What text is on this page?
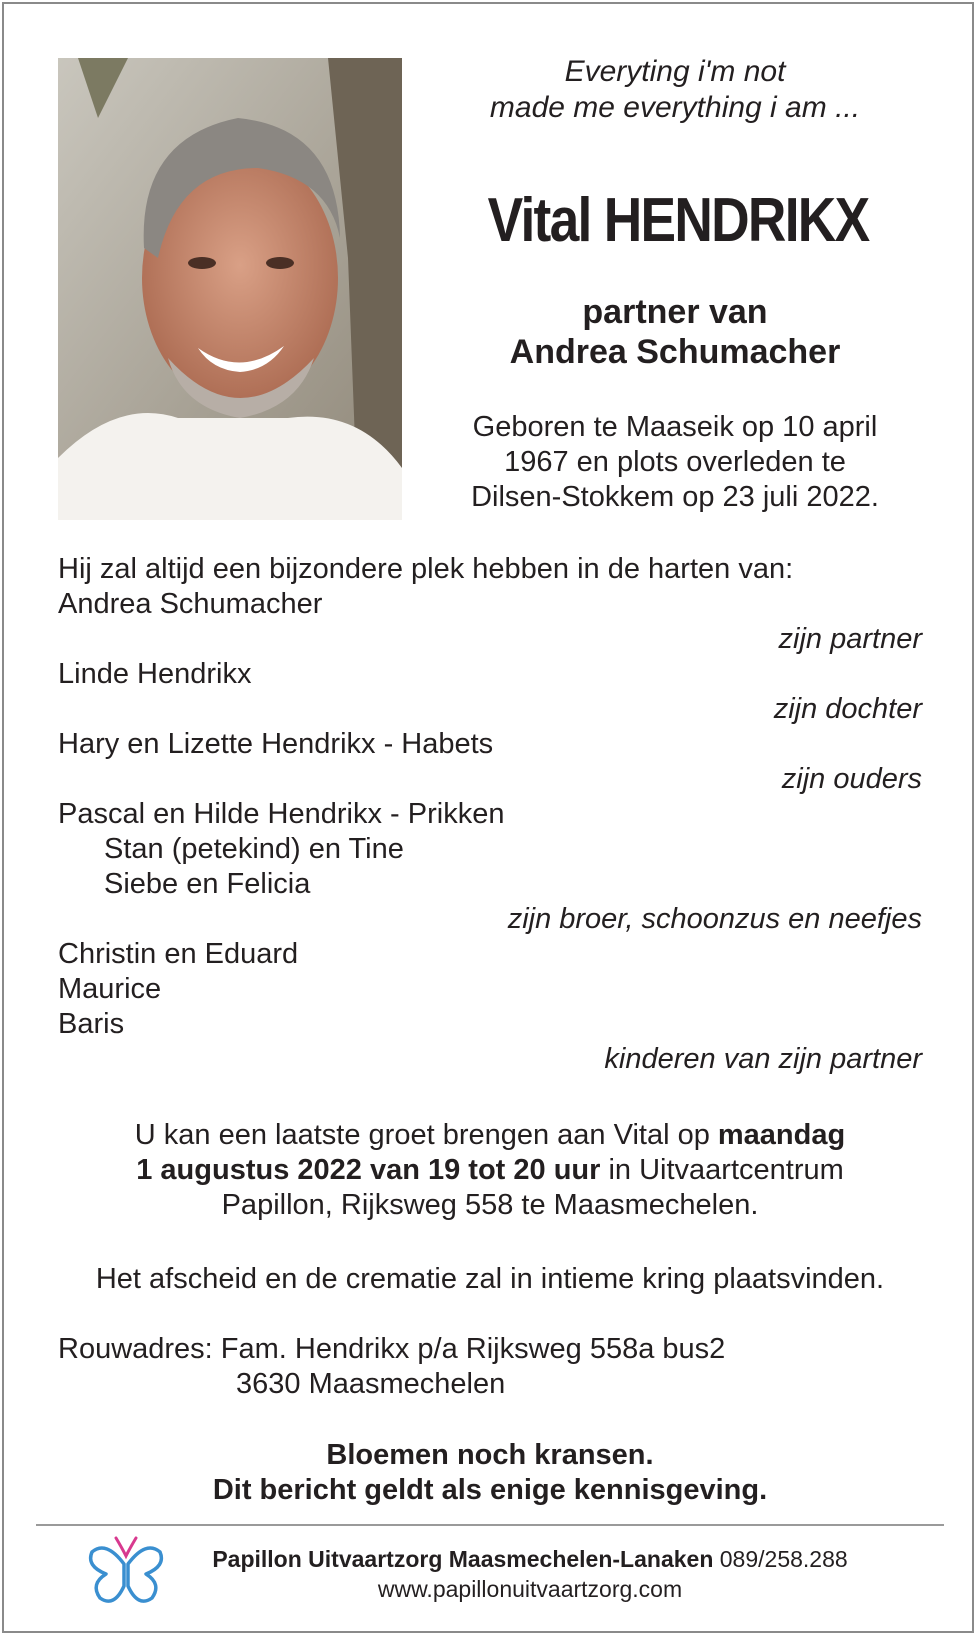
Everyting i'm not
made me everything i am ...
Vital HENDRIKX
partner van
Andrea Schumacher
Geboren te Maaseik op 10 april
1967 en plots overleden te
Dilsen-Stokkem op 23 juli 2022.
Hij zal altijd een bijzondere plek hebben in de harten van:
Andrea Schumacher
zijn partner
Linde Hendrikx
zijn dochter
Hary en Lizette Hendrikx - Habets
zijn ouders
Pascal en Hilde Hendrikx - Prikken
Stan (petekind) en Tine
Siebe en Felicia
zijn broer, schoonzus en neefjes
Christin en Eduard
Maurice
Baris
kinderen van zijn partner
U kan een laatste groet brengen aan Vital op maandag
1 augustus 2022 van 19 tot 20 uur in Uitvaartcentrum
Papillon, Rijksweg 558 te Maasmechelen.
Het afscheid en de crematie zal in intieme kring plaatsvinden.
Rouwadres: Fam. Hendrikx p/a Rijksweg 558a bus2
3630 Maasmechelen
Bloemen noch kransen.
Dit bericht geldt als enige kennisgeving.
Papillon Uitvaartzorg Maasmechelen-Lanaken 089/258.288
www.papillonuitvaartzorg.com
